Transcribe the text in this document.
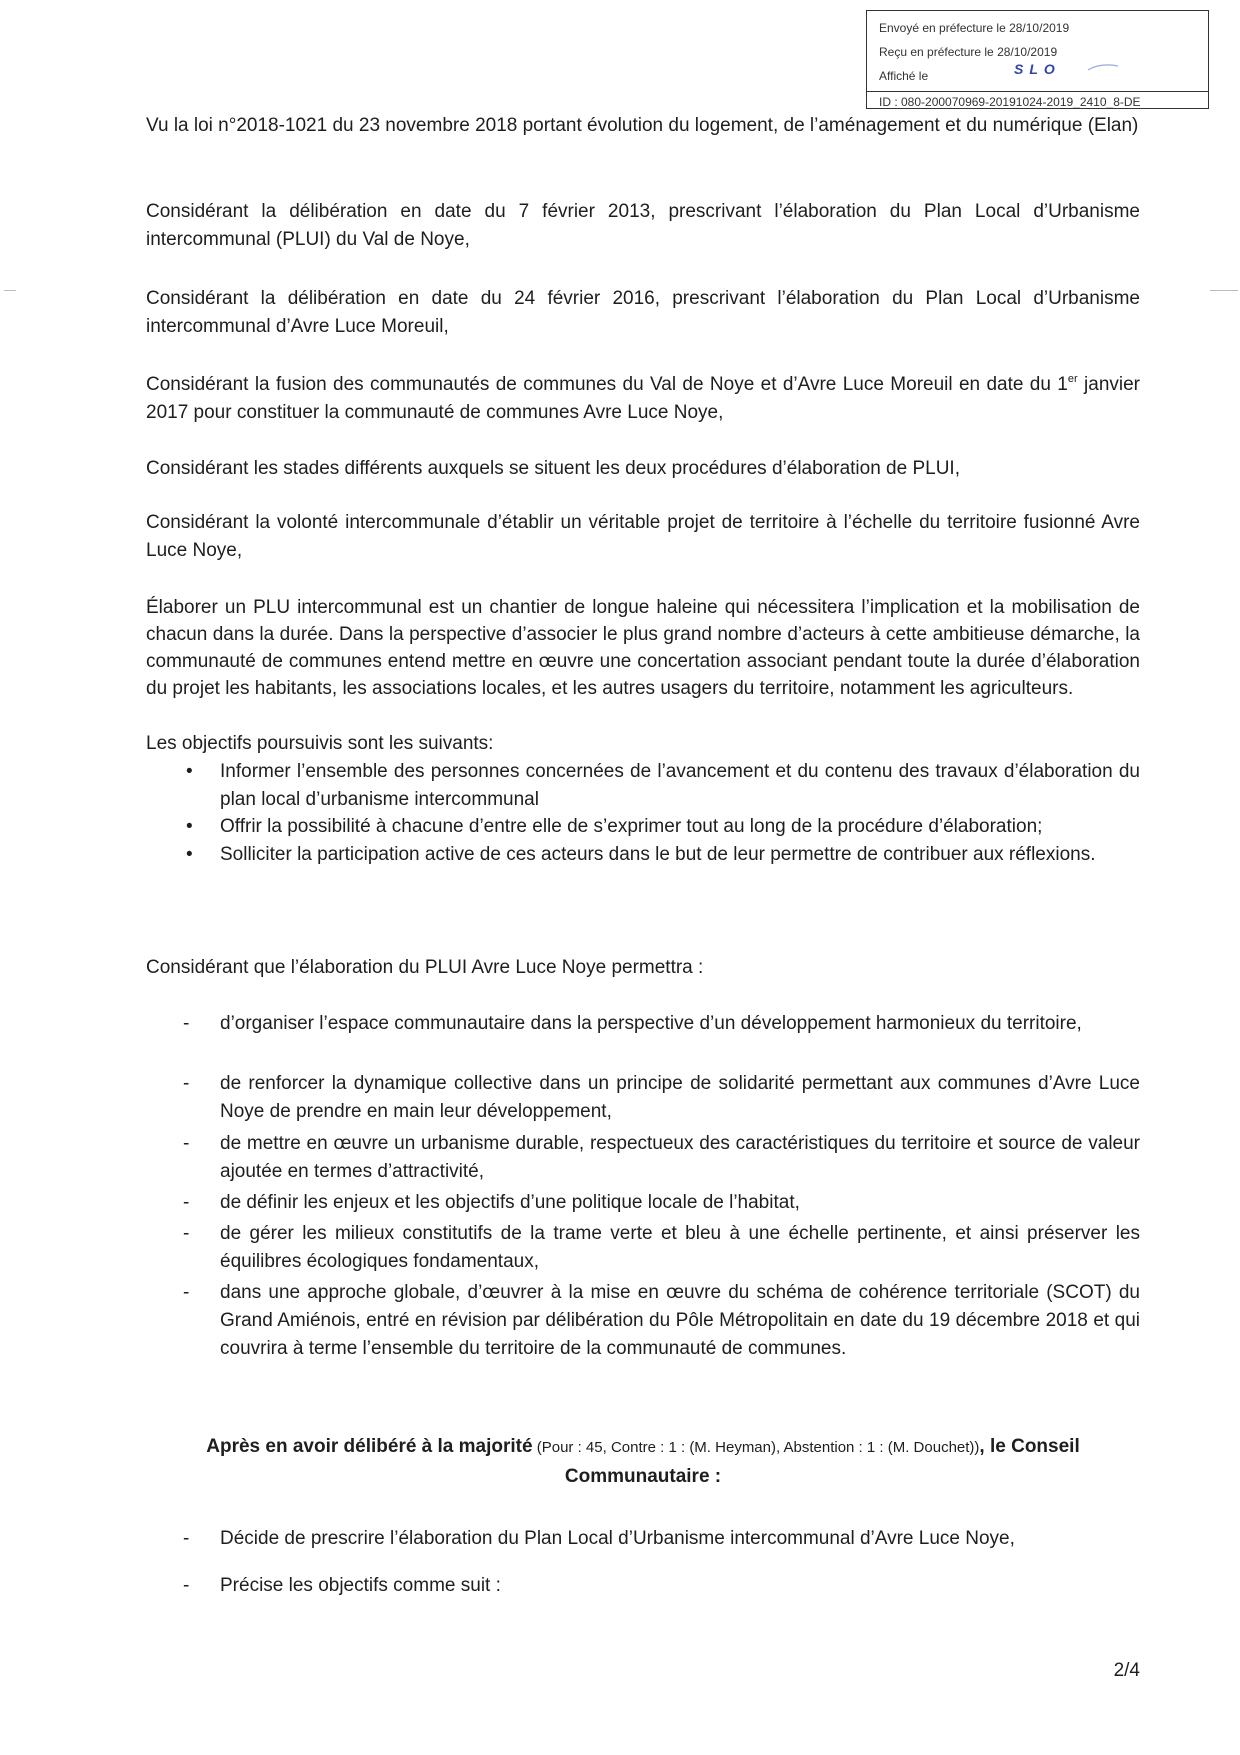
Envoyé en préfecture le 28/10/2019
Reçu en préfecture le 28/10/2019
Affiché le
ID : 080-200070969-20191024-2019_2410_8-DE
SLO

Vu la loi n°2018-1021 du 23 novembre 2018 portant évolution du logement, de l’aménagement et du numérique (Elan)

Considérant la délibération en date du 7 février 2013, prescrivant l’élaboration du Plan Local d’Urbanisme intercommunal (PLUI) du Val de Noye,

Considérant la délibération en date du 24 février 2016, prescrivant l’élaboration du Plan Local d’Urbanisme intercommunal d’Avre Luce Moreuil,

Considérant la fusion des communautés de communes du Val de Noye et d’Avre Luce Moreuil en date du 1er janvier 2017 pour constituer la communauté de communes Avre Luce Noye,

Considérant les stades différents auxquels se situent les deux procédures d’élaboration de PLUI,

Considérant la volonté intercommunale d’établir un véritable projet de territoire à l’échelle du territoire fusionné Avre Luce Noye,

Élaborer un PLU intercommunal est un chantier de longue haleine qui nécessitera l’implication et la mobilisation de chacun dans la durée. Dans la perspective d’associer le plus grand nombre d’acteurs à cette ambitieuse démarche, la communauté de communes entend mettre en œuvre une concertation associant pendant toute la durée d’élaboration du projet les habitants, les associations locales, et les autres usagers du territoire, notamment les agriculteurs.

Les objectifs poursuivis sont les suivants:

• Informer l’ensemble des personnes concernées de l’avancement et du contenu des travaux d’élaboration du plan local d’urbanisme intercommunal
• Offrir la possibilité à chacune d’entre elle de s’exprimer tout au long de la procédure d’élaboration;
• Solliciter la participation active de ces acteurs dans le but de leur permettre de contribuer aux réflexions.

Considérant que l’élaboration du PLUI Avre Luce Noye permettra :

- d’organiser l’espace communautaire dans la perspective d’un développement harmonieux du territoire,
- de renforcer la dynamique collective dans un principe de solidarité permettant aux communes d’Avre Luce Noye de prendre en main leur développement,
- de mettre en œuvre un urbanisme durable, respectueux des caractéristiques du territoire et source de valeur ajoutée en termes d’attractivité,
- de définir les enjeux et les objectifs d’une politique locale de l’habitat,
- de gérer les milieux constitutifs de la trame verte et bleu à une échelle pertinente, et ainsi préserver les équilibres écologiques fondamentaux,
- dans une approche globale, d’œuvrer à la mise en œuvre du schéma de cohérence territoriale (SCOT) du Grand Amiénois, entré en révision par délibération du Pôle Métropolitain en date du 19 décembre 2018 et qui couvrira à terme l’ensemble du territoire de la communauté de communes.
Après en avoir délibéré à la majorité (Pour : 45, Contre : 1 : (M. Heyman), Abstention : 1 : (M. Douchet)), le Conseil Communautaire :
- Décide de prescrire l’élaboration du Plan Local d’Urbanisme intercommunal d’Avre Luce Noye,
- Précise les objectifs comme suit :
2/4
